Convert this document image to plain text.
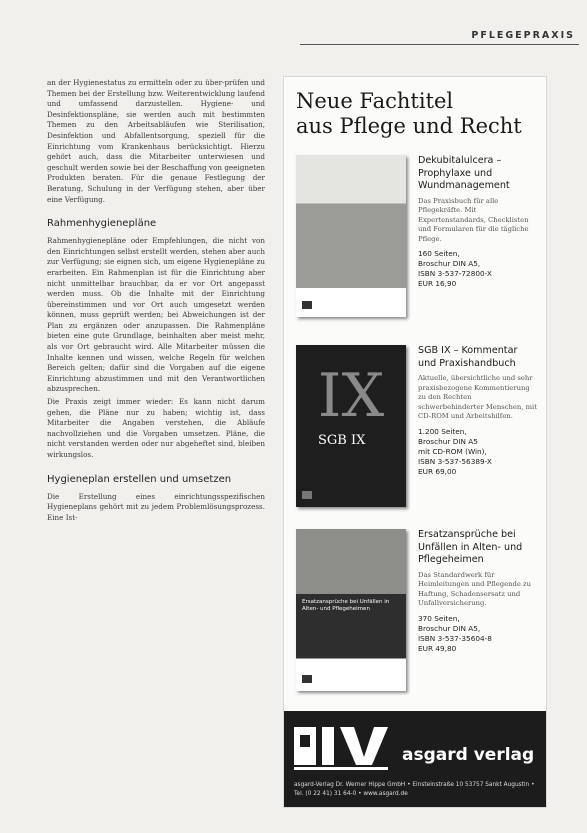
PFLEGEPRAXIS

an der Hygienestatus zu ermitteln oder zu über-prüfen und Themen bei der Erstellung bzw. Weiterentwicklung laufend und umfassend darzustellen. Hygiene- und Desinfektionspläne, sie werden auch mit bestimmten Themen zu den Arbeitsabläufen wie Sterilisation, Desinfektion und Abfallentsorgung, speziell für die Einrichtung vom Krankenhaus berücksichtigt. Hierzu gehört auch, dass die Mitarbeiter unterwiesen und geschult werden sowie bei der Beschaffung von geeigneten Produkten beraten. Für die genaue Festlegung der Beratung, Schulung in der Verfügung stehen, aber über eine Verfügung.

Rahmenhygienepläne

Rahmenhygienepläne oder Empfehlungen, die nicht von den Einrichtungen selbst erstellt werden, stehen aber auch zur Verfügung; sie eignen sich, um eigene Hygienepläne zu erarbeiten. Ein Rahmenplan ist für die Einrichtung aber nicht unmittelbar brauchbar, da er vor Ort angepasst werden muss. Ob die Inhalte mit der Einrichtung übereinstimmen und vor Ort auch umgesetzt werden können, muss geprüft werden; bei Abweichungen ist der Plan zu ergänzen oder anzupassen. Die Rahmenpläne bieten eine gute Grundlage, beinhalten aber meist mehr, als vor Ort gebraucht wird. Alle Mitarbeiter müssen die Inhalte kennen und wissen, welche Regeln für welchen Bereich gelten; dafür sind die Vorgaben auf die eigene Einrichtung abzustimmen und mit den Verantwortlichen abzusprechen.

Die Praxis zeigt immer wieder: Es kann nicht darum gehen, die Pläne nur zu haben; wichtig ist, dass Mitarbeiter die Angaben verstehen, die Abläufe nachvollziehen und die Vorgaben umsetzen. Pläne, die nicht verstanden werden oder nur abgeheftet sind, bleiben wirkungslos.

Hygieneplan erstellen und umsetzen

Die Erstellung eines einrichtungsspezifischen Hygieneplans gehört mit zu jedem Problemlösungsprozess. Eine Ist-

Neue Fachtitel
aus Pflege und Recht
Dekubitalulcera – Prophylaxe und Wundmanagement
Das Praxisbuch für alle Pflegekräfte. Mit Expertenstandards, Checklisten und Formularen für die tägliche Pflege.
160 Seiten,
Broschur DIN A5,
ISBN 3-537-72800-X
EUR 16,90
IX
SGB IX
SGB IX – Kommentar und Praxishandbuch
Aktuelle, übersichtliche und sehr praxisbezogene Kommentierung zu den Rechten schwerbehinderter Menschen, mit CD-ROM und Arbeitshilfen.
1.200 Seiten,
Broschur DIN A5
mit CD-ROM (Win),
ISBN 3-537-56389-X
EUR 69,00
Ersatzansprüche bei Unfällen in Alten- und Pflegeheimen
Ersatzansprüche bei Unfällen in Alten- und Pflegeheimen
Das Standardwerk für Heimleitungen und Pflegende zu Haftung, Schadensersatz und Unfallversicherung.
370 Seiten,
Broschur DIN A5,
ISBN 3-537-35604-8
EUR 49,80
asgard verlag
asgard-Verlag Dr. Werner Hippe GmbH • Einsteinstraße 10 53757 Sankt Augustin • Tel. (0 22 41) 31 64-0 • www.asgard.de
